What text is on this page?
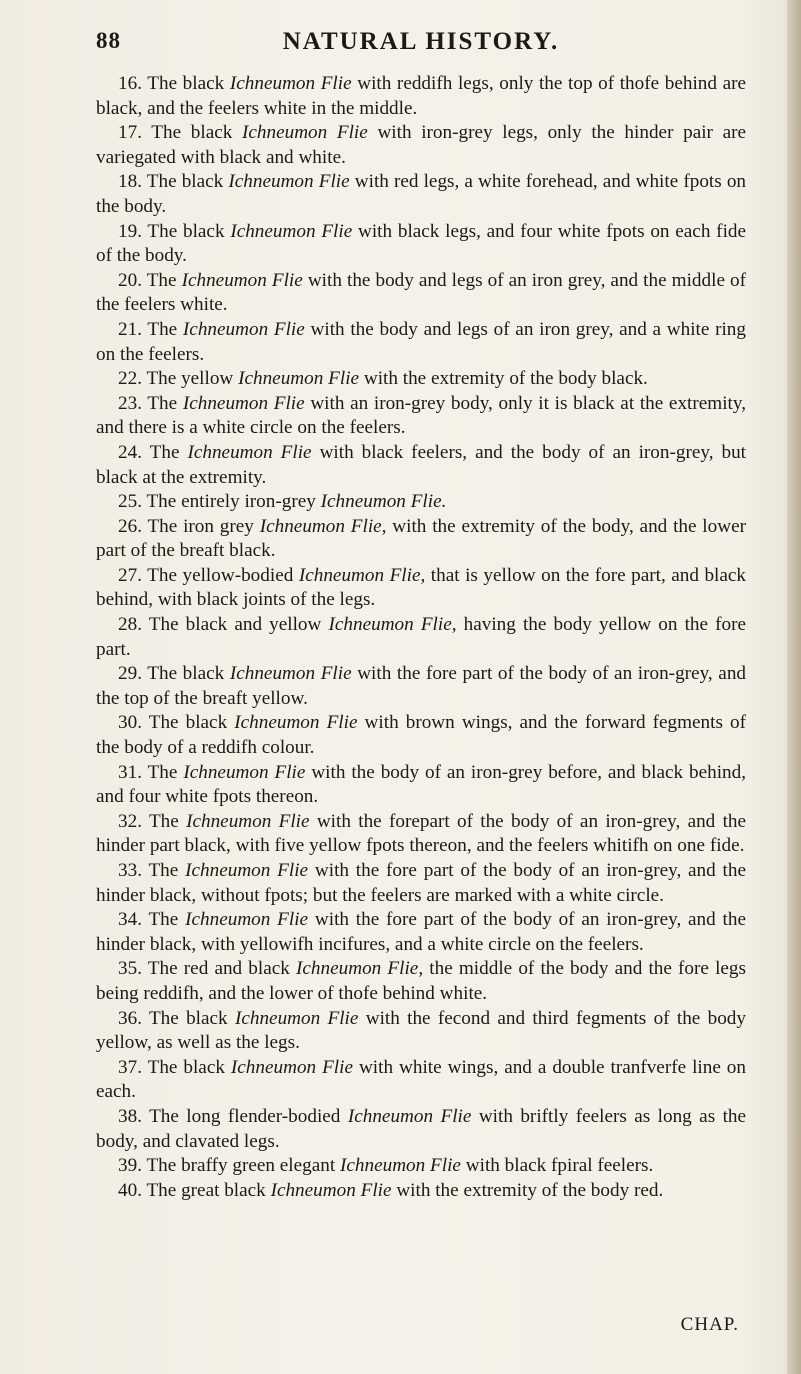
88	NATURAL HISTORY.

16. The black Ichneumon Flie with reddifh legs, only the top of thofe behind are black, and the feelers white in the middle.

17. The black Ichneumon Flie with iron-grey legs, only the hinder pair are variegated with black and white.

18. The black Ichneumon Flie with red legs, a white forehead, and white fpots on the body.

19. The black Ichneumon Flie with black legs, and four white fpots on each fide of the body.

20. The Ichneumon Flie with the body and legs of an iron grey, and the middle of the feelers white.

21. The Ichneumon Flie with the body and legs of an iron grey, and a white ring on the feelers.

22. The yellow Ichneumon Flie with the extremity of the body black.

23. The Ichneumon Flie with an iron-grey body, only it is black at the extremity, and there is a white circle on the feelers.

24. The Ichneumon Flie with black feelers, and the body of an iron-grey, but black at the extremity.

25. The entirely iron-grey Ichneumon Flie.

26. The iron grey Ichneumon Flie, with the extremity of the body, and the lower part of the breaft black.

27. The yellow-bodied Ichneumon Flie, that is yellow on the fore part, and black behind, with black joints of the legs.

28. The black and yellow Ichneumon Flie, having the body yellow on the fore part.

29. The black Ichneumon Flie with the fore part of the body of an iron-grey, and the top of the breaft yellow.

30. The black Ichneumon Flie with brown wings, and the forward fegments of the body of a reddifh colour.

31. The Ichneumon Flie with the body of an iron-grey before, and black behind, and four white fpots thereon.

32. The Ichneumon Flie with the forepart of the body of an iron-grey, and the hinder part black, with five yellow fpots thereon, and the feelers whitifh on one fide.

33. The Ichneumon Flie with the fore part of the body of an iron-grey, and the hinder black, without fpots; but the feelers are marked with a white circle.

34. The Ichneumon Flie with the fore part of the body of an iron-grey, and the hinder black, with yellowifh incifures, and a white circle on the feelers.

35. The red and black Ichneumon Flie, the middle of the body and the fore legs being reddifh, and the lower of thofe behind white.

36. The black Ichneumon Flie with the fecond and third fegments of the body yellow, as well as the legs.

37. The black Ichneumon Flie with white wings, and a double tranfverfe line on each.

38. The long flender-bodied Ichneumon Flie with briftly feelers as long as the body, and clavated legs.

39. The braffy green elegant Ichneumon Flie with black fpiral feelers.

40. The great black Ichneumon Flie with the extremity of the body red.

CHAP.
